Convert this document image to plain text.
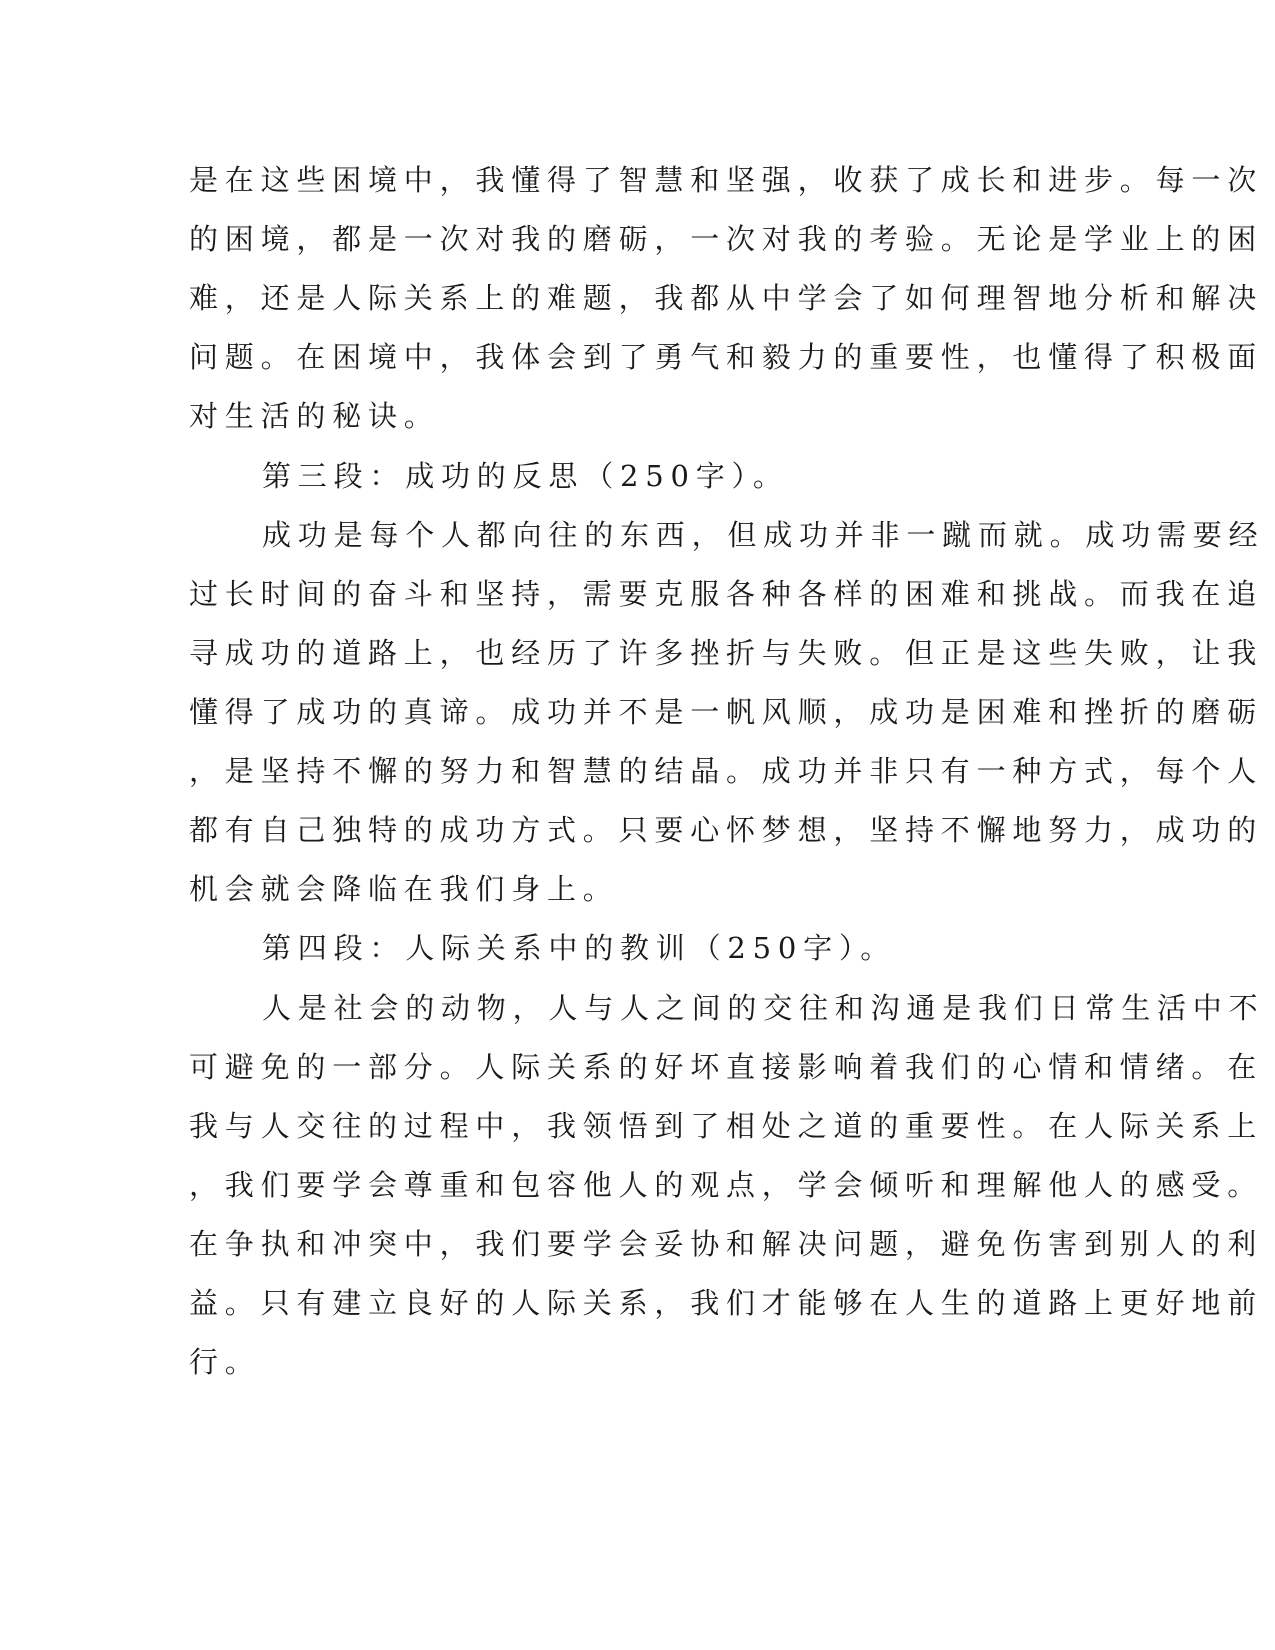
是在这些困境中，我懂得了智慧和坚强，收获了成长和进步。每一次
的困境，都是一次对我的磨砺，一次对我的考验。无论是学业上的困
难，还是人际关系上的难题，我都从中学会了如何理智地分析和解决
问题。在困境中，我体会到了勇气和毅力的重要性，也懂得了积极面
对生活的秘诀。
第三段：成功的反思（250字）。
成功是每个人都向往的东西，但成功并非一蹴而就。成功需要经
过长时间的奋斗和坚持，需要克服各种各样的困难和挑战。而我在追
寻成功的道路上，也经历了许多挫折与失败。但正是这些失败，让我
懂得了成功的真谛。成功并不是一帆风顺，成功是困难和挫折的磨砺
，是坚持不懈的努力和智慧的结晶。成功并非只有一种方式，每个人
都有自己独特的成功方式。只要心怀梦想，坚持不懈地努力，成功的
机会就会降临在我们身上。
第四段：人际关系中的教训（250字）。
人是社会的动物，人与人之间的交往和沟通是我们日常生活中不
可避免的一部分。人际关系的好坏直接影响着我们的心情和情绪。在
我与人交往的过程中，我领悟到了相处之道的重要性。在人际关系上
，我们要学会尊重和包容他人的观点，学会倾听和理解他人的感受。
在争执和冲突中，我们要学会妥协和解决问题，避免伤害到别人的利
益。只有建立良好的人际关系，我们才能够在人生的道路上更好地前
行。
